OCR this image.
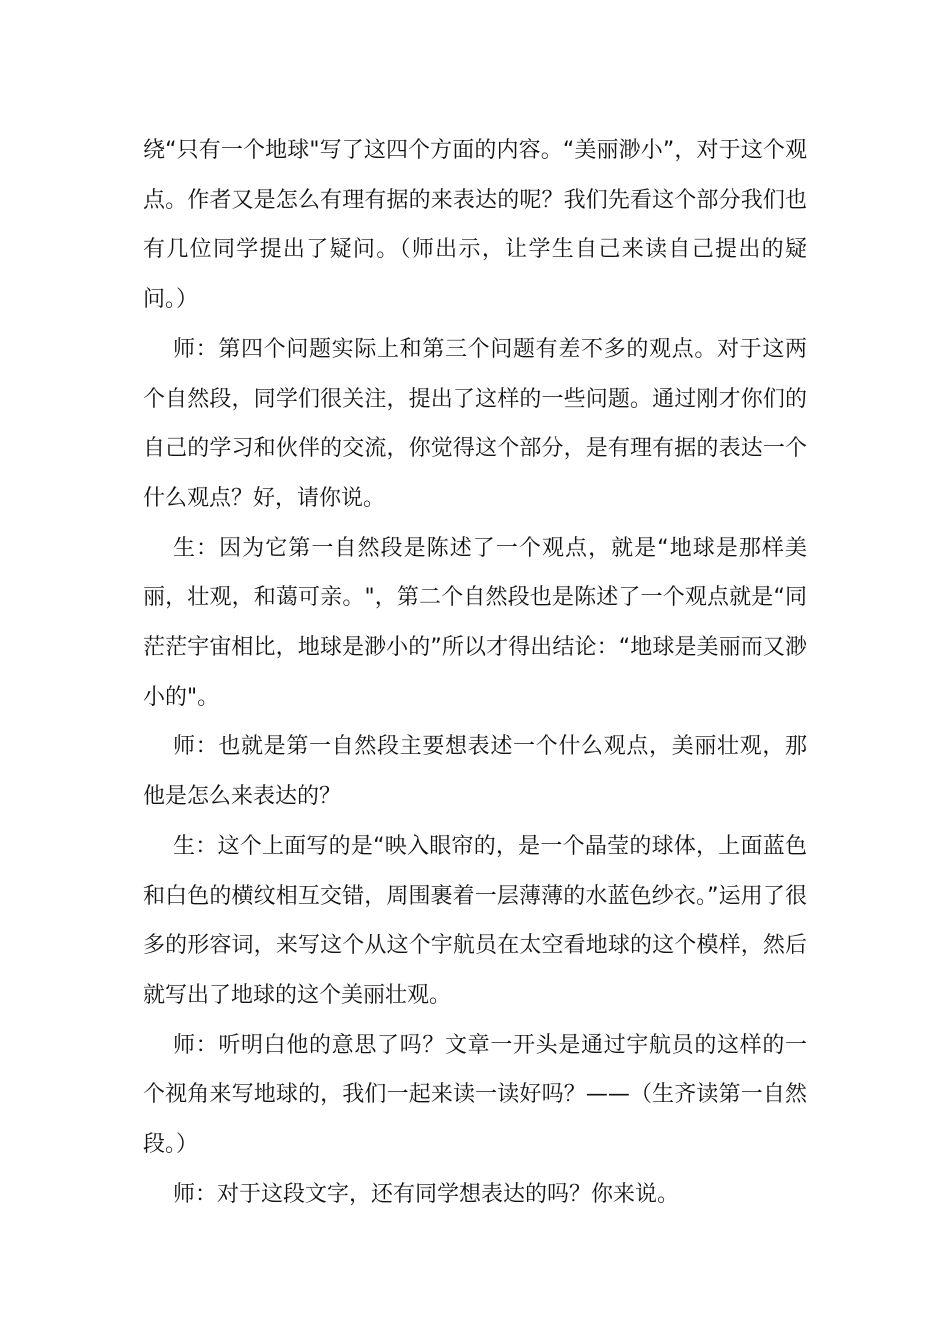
绕“只有一个地球"写了这四个方面的内容。“美丽渺小”，对于这个观点。作者又是怎么有理有据的来表达的呢？我们先看这个部分我们也有几位同学提出了疑问。（师出示，让学生自己来读自己提出的疑问。）

师：第四个问题实际上和第三个问题有差不多的观点。对于这两个自然段，同学们很关注，提出了这样的一些问题。通过刚才你们的自己的学习和伙伴的交流，你觉得这个部分，是有理有据的表达一个什么观点？好，请你说。

生：因为它第一自然段是陈述了一个观点，就是“地球是那样美丽，壮观，和蔼可亲。"，第二个自然段也是陈述了一个观点就是“同茫茫宇宙相比，地球是渺小的”所以才得出结论：“地球是美丽而又渺小的"。

师：也就是第一自然段主要想表述一个什么观点，美丽壮观，那他是怎么来表达的？

生：这个上面写的是“映入眼帘的，是一个晶莹的球体，上面蓝色和白色的横纹相互交错，周围裹着一层薄薄的水蓝色纱衣。”运用了很多的形容词，来写这个从这个宇航员在太空看地球的这个模样，然后就写出了地球的这个美丽壮观。

师：听明白他的意思了吗？文章一开头是通过宇航员的这样的一个视角来写地球的，我们一起来读一读好吗？——（生齐读第一自然段。）

师：对于这段文字，还有同学想表达的吗？你来说。
